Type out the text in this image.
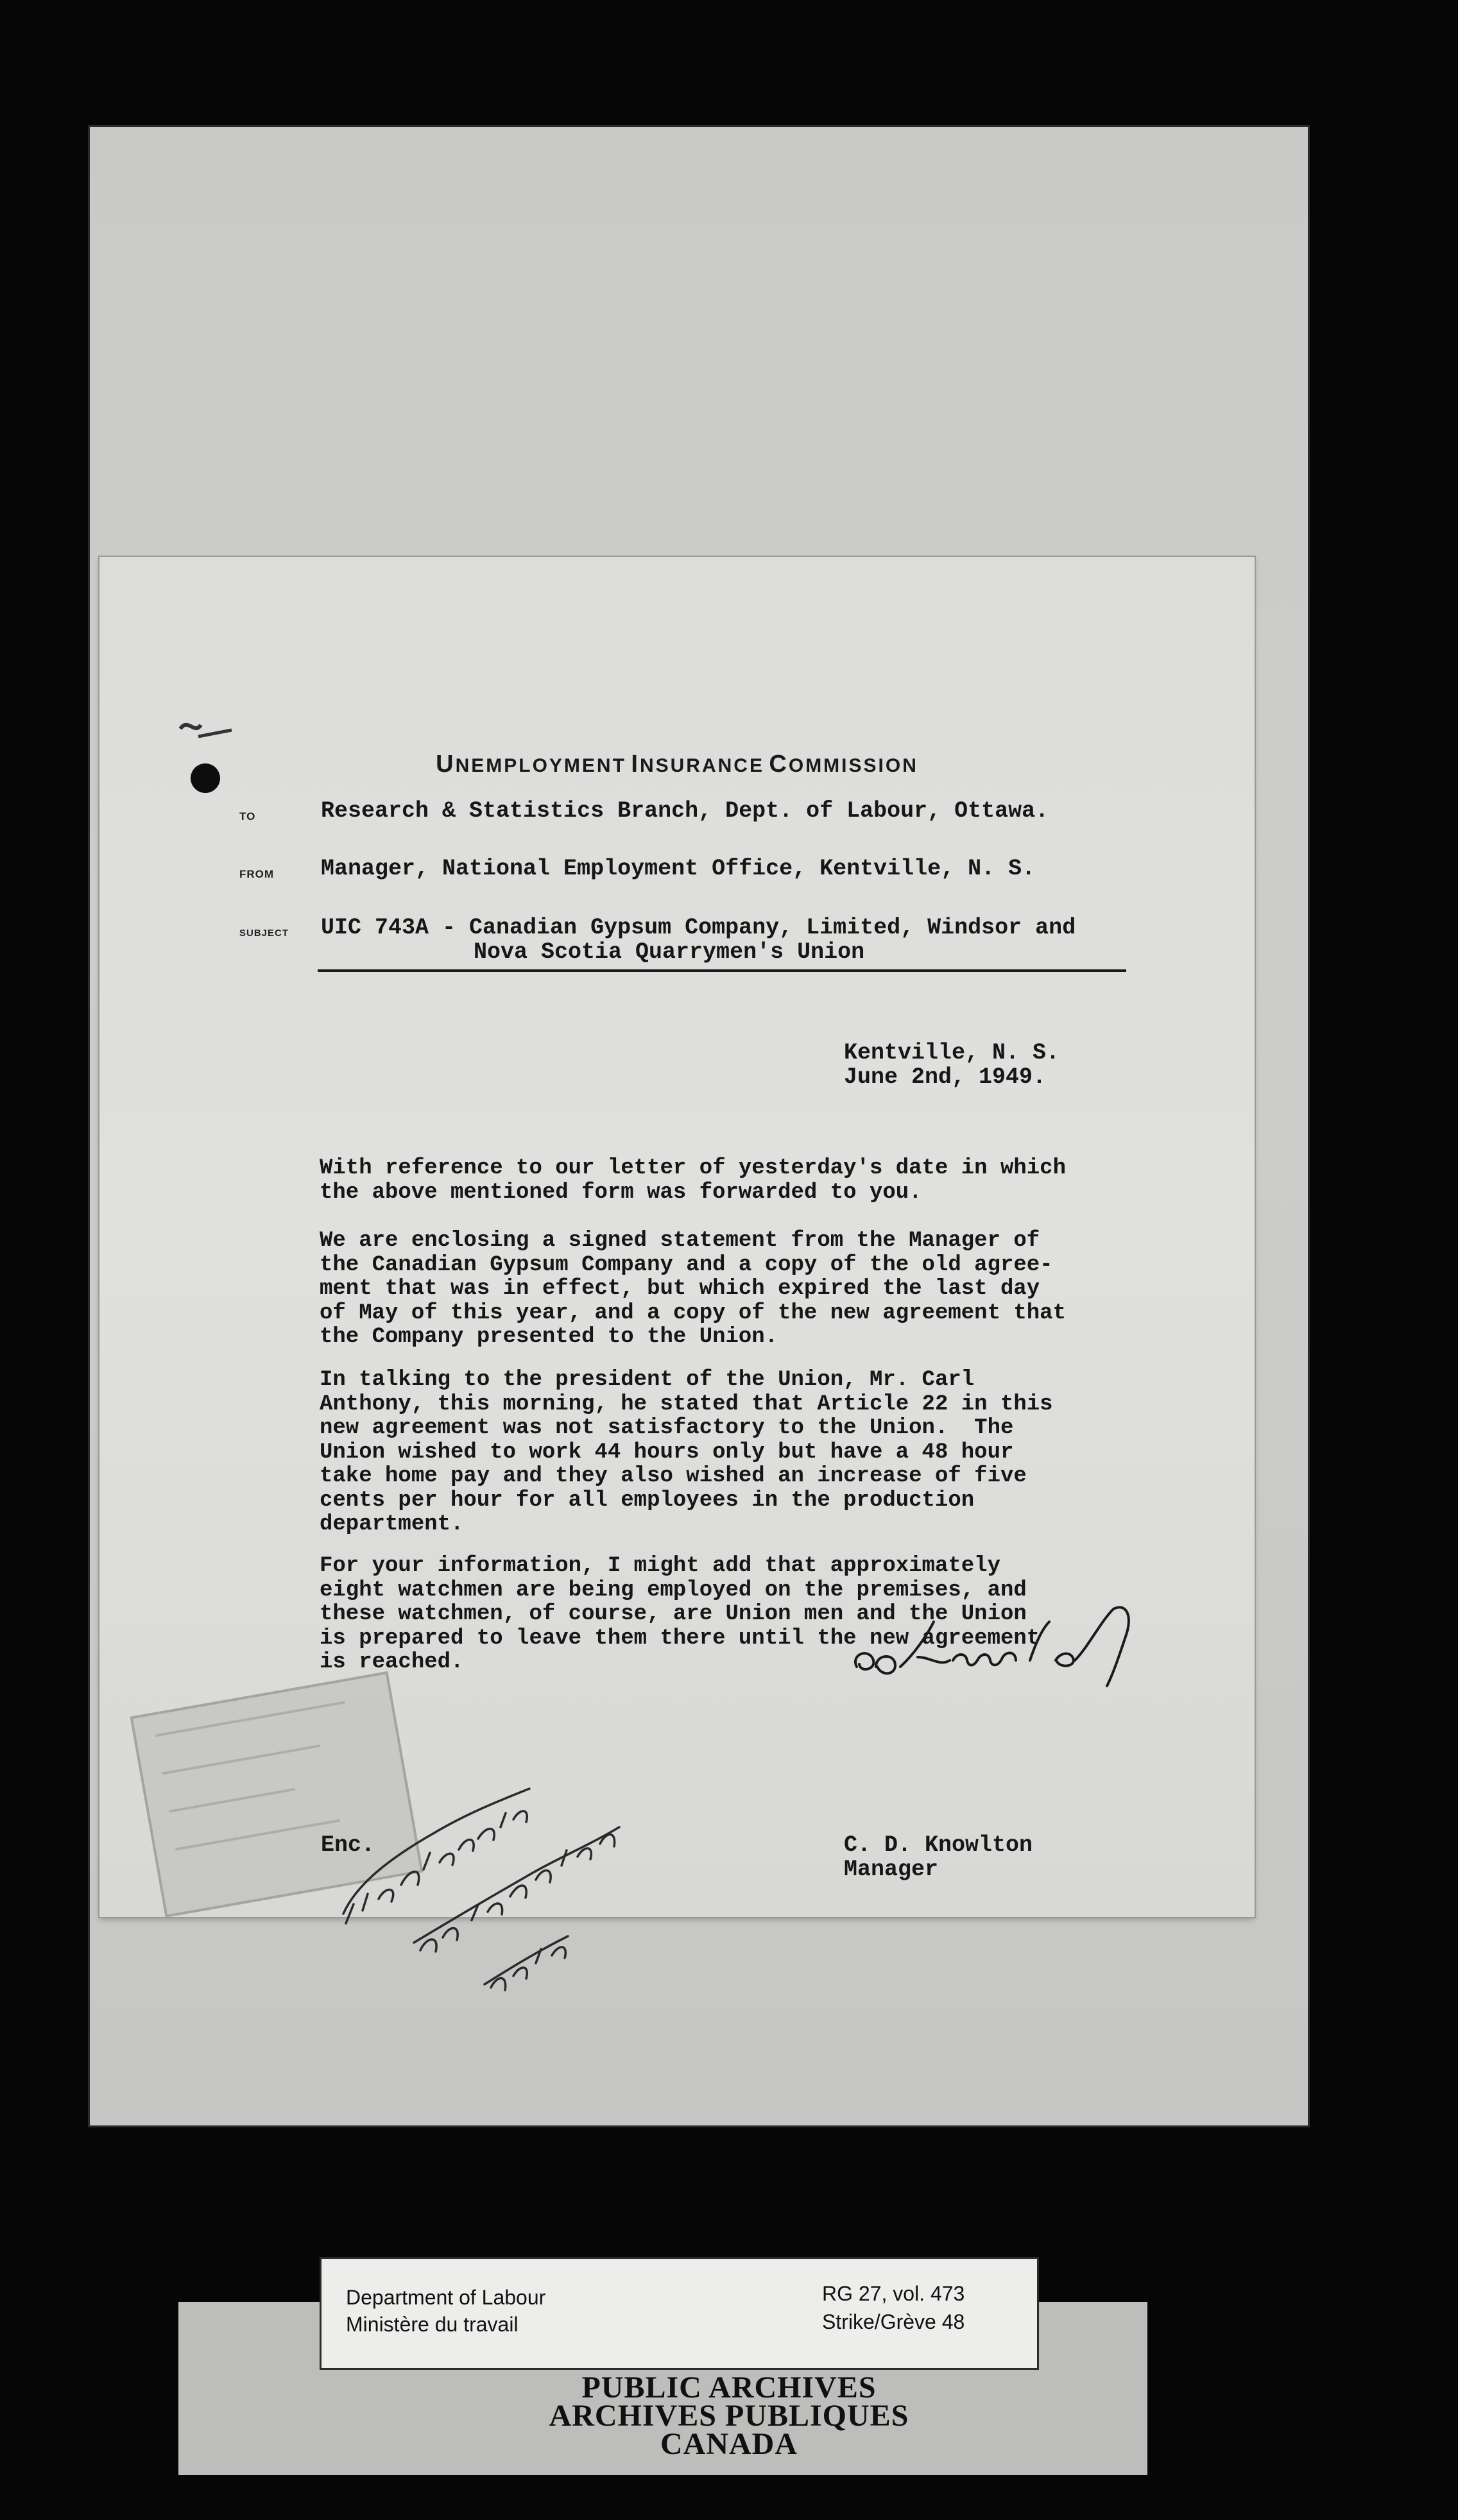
UNEMPLOYMENT INSURANCE COMMISSION
TO	Research & Statistics Branch, Dept. of Labour, Ottawa.
FROM Manager, National Employment Office, Kentville, N. S.
SUBJECT UIC 743A - Canadian Gypsum Company, Limited, Windsor and
Nova Scotia Quarrymen's Union
Kentville, N. S.
June 2nd, 1949.

With reference to our letter of yesterday's date in which

the above mentioned form was forwarded to you.

We are enclosing a signed statement from the Manager of

the Canadian Gypsum Company and a copy of the old agree-

ment that was in effect, but which expired the last day

of May of this year, and a copy of the new agreement that

the Company presented to the Union.

In talking to the president of the Union, Mr. Carl

Anthony, this morning, he stated that Article 22 in this

new agreement was not satisfactory to the Union.  The

Union wished to work 44 hours only but have a 48 hour

take home pay and they also wished an increase of five

cents per hour for all employees in the production

department.

For your information, I might add that approximately

eight watchmen are being employed on the premises, and

these watchmen, of course, are Union men and the Union

is prepared to leave them there until the new agreement

is reached.

Enc.	C. D. Knowlton
Manager
Department of Labour
Ministère du travail
RG 27, vol. 473
Strike/Grève 48
PUBLIC ARCHIVES
ARCHIVES PUBLIQUES
CANADA
